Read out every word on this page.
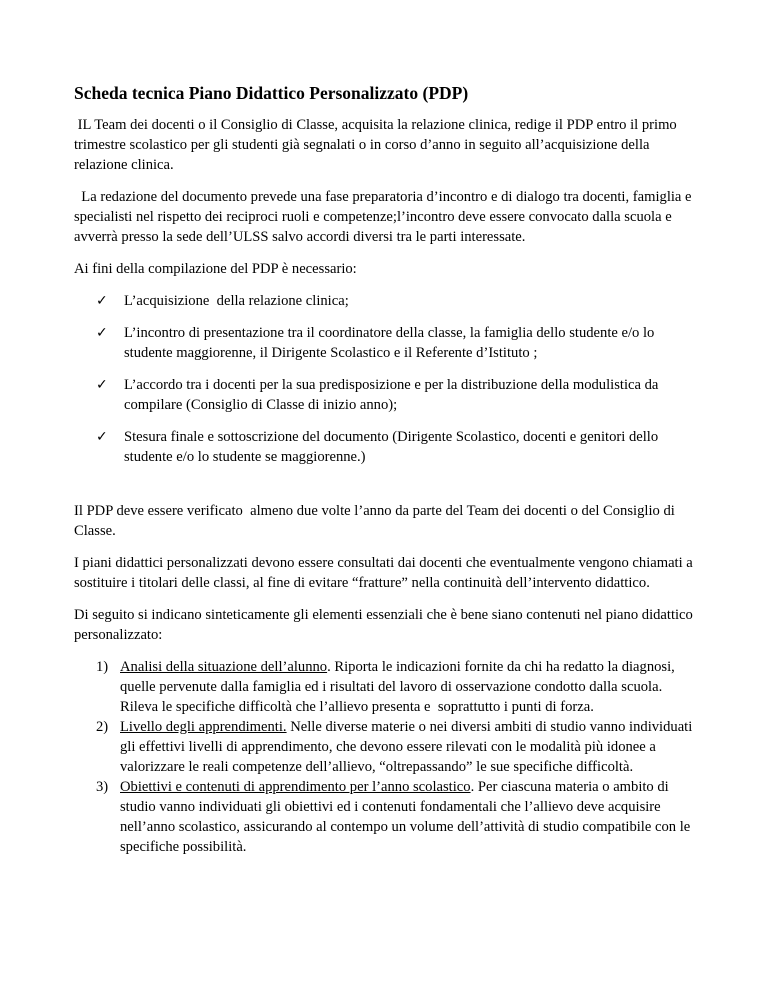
Scheda tecnica Piano Didattico Personalizzato (PDP)

IL Team dei docenti o il Consiglio di Classe, acquisita la relazione clinica, redige il PDP entro il primo trimestre scolastico per gli studenti già segnalati o in corso d’anno in seguito all’acquisizione della relazione clinica.

La redazione del documento prevede una fase preparatoria d’incontro e di dialogo tra docenti, famiglia e specialisti nel rispetto dei reciproci ruoli e competenze;l’incontro deve essere convocato dalla scuola e avverrà presso la sede dell’ULSS salvo accordi diversi tra le parti interessate.

Ai fini della compilazione del PDP è necessario:

✓ L’acquisizione  della relazione clinica;
✓ L’incontro di presentazione tra il coordinatore della classe, la famiglia dello studente e/o lo studente maggiorenne, il Dirigente Scolastico e il Referente d’Istituto ;
✓ L’accordo tra i docenti per la sua predisposizione e per la distribuzione della modulistica da compilare (Consiglio di Classe di inizio anno);
✓ Stesura finale e sottoscrizione del documento (Dirigente Scolastico, docenti e genitori dello studente e/o lo studente se maggiorenne.)

Il PDP deve essere verificato  almeno due volte l’anno da parte del Team dei docenti o del Consiglio di Classe.

I piani didattici personalizzati devono essere consultati dai docenti che eventualmente vengono chiamati a sostituire i titolari delle classi, al fine di evitare “fratture” nella continuità dell’intervento didattico.

Di seguito si indicano sinteticamente gli elementi essenziali che è bene siano contenuti nel piano didattico personalizzato:

1) Analisi della situazione dell’alunno. Riporta le indicazioni fornite da chi ha redatto la diagnosi, quelle pervenute dalla famiglia ed i risultati del lavoro di osservazione condotto dalla scuola. Rileva le specifiche difficoltà che l’allievo presenta e  soprattutto i punti di forza.
2) Livello degli apprendimenti. Nelle diverse materie o nei diversi ambiti di studio vanno individuati gli effettivi livelli di apprendimento, che devono essere rilevati con le modalità più idonee a valorizzare le reali competenze dell’allievo, “oltrepassando” le sue specifiche difficoltà.
3) Obiettivi e contenuti di apprendimento per l’anno scolastico. Per ciascuna materia o ambito di studio vanno individuati gli obiettivi ed i contenuti fondamentali che l’allievo deve acquisire nell’anno scolastico, assicurando al contempo un volume dell’attività di studio compatibile con le specifiche possibilità.
